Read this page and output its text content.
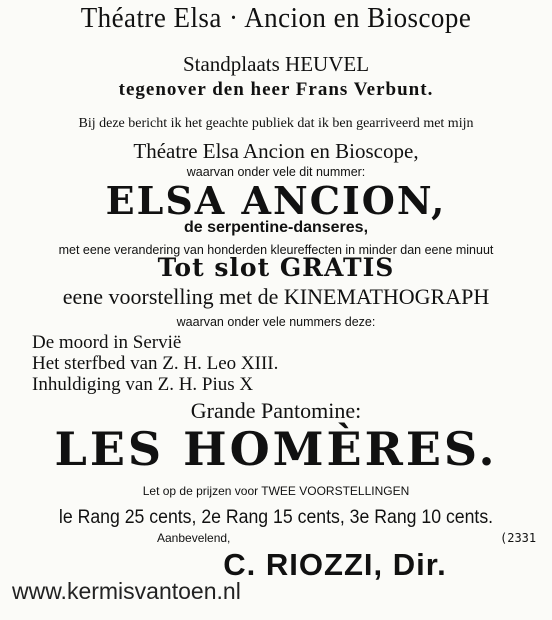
Théatre Elsa · Ancion en Bioscope
Standplaats HEUVEL
tegenover den heer Frans Verbunt.
Bij deze bericht ik het geachte publiek dat ik ben gearriveerd met mijn
Théatre Elsa Ancion en Bioscope,
waarvan onder vele dit nummer:
ELSA ANCION,
de serpentine-danseres,
met eene verandering van honderden kleureffecten in minder dan eene minuut
Tot slot GRATIS
eene voorstelling met de KINEMATHOGRAPH
waarvan onder vele nummers deze:
De moord in Servië
Het sterfbed van Z. H. Leo XIII.
Inhuldiging van Z. H. Pius X
Grande Pantomine:
LES HOMÈRES.
Let op de prijzen voor TWEE VOORSTELLINGEN
le Rang 25 cents, 2e Rang 15 cents, 3e Rang 10 cents.
Aanbevelend,	(2331
C. RIOZZI, Dir.
www.kermisvantoen.nl
